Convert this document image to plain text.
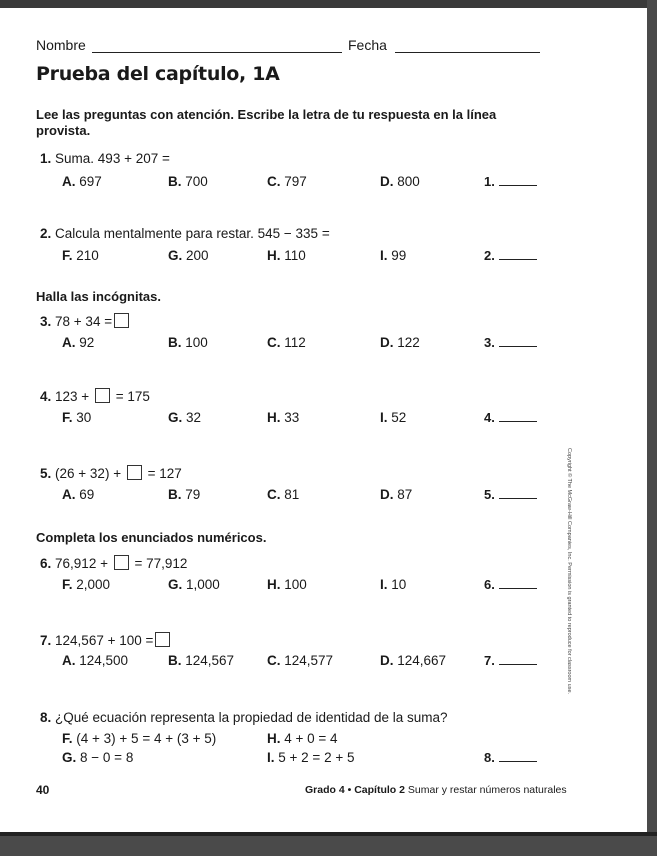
Nombre	Fecha
Prueba del capítulo, 1A
Lee las preguntas con atención. Escribe la letra de tu respuesta en la línea provista.
1. Suma. 493 + 207 =
A. 697	B. 700	C. 797	D. 800	1.
2. Calcula mentalmente para restar. 545 − 335 =
F. 210	G. 200	H. 110	I. 99	2.
Halla las incógnitas.
3. 78 + 34 =
A. 92	B. 100	C. 112	D. 122	3.
4. 123 + = 175
F. 30	G. 32	H. 33	I. 52	4.
5. (26 + 32) + = 127
A. 69	B. 79	C. 81	D. 87	5.
Completa los enunciados numéricos.
6. 76,912 + = 77,912
F. 2,000	G. 1,000	H. 100	I. 10	6.
7. 124,567 + 100 =
A. 124,500	B. 124,567 C. 124,577	D. 124,667	7.
8. ¿Qué ecuación representa la propiedad de identidad de la suma?
F. (4 + 3) + 5 = 4 + (3 + 5)	H. 4 + 0 = 4
G. 8 − 0 = 8	I. 5 + 2 = 2 + 5	8.
40	Grado 4 • Capítulo 2 Sumar y restar números naturales
Copyright © The McGraw-Hill Companies, Inc. Permission is granted to reproduce for classroom use.
